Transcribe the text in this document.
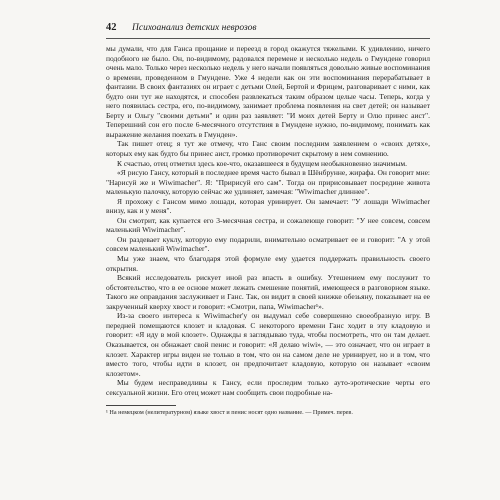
42	Психоанализ детских неврозов

мы думали, что для Ганса прощание и переезд в город окажутся тяжелыми. К удивлению, ничего подобного не было. Он, по-видимому, радовался перемене и несколько недель о Гмундене говорил очень мало. Только через несколько недель у него начали появляться довольно живые воспоминания о времени, проведенном в Гмундене. Уже 4 недели как он эти воспоминания перерабатывает в фантазии. В своих фантазиях он играет с детьми Олей, Бертой и Фрицем, разговаривает с ними, как будто они тут же находятся, и способен развлекаться таким образом целые часы. Теперь, когда у него появилась сестра, его, по-видимому, занимает проблема появления на свет детей; он называет Берту и Ольгу "своими детьми" и один раз заявляет: "И моих детей Берту и Олю принес аист". Теперешний сон его после 6-месячного отсутствия в Гмундене нужно, по-видимому, понимать как выражение желания поехать в Гмунден».

Так пишет отец; я тут же отмечу, что Ганс своим последним заявлением о «своих детях», которых ему как будто бы принес аист, громко противоречит скрытому в нем сомнению.

К счастью, отец отметил здесь кое-что, оказавшееся в будущем необыкновенно значимым.

«Я рисую Гансу, который в последнее время часто бывал в Шёнбрунне, жирафа. Он говорит мне: "Нарисуй же и Wiwimacher". Я: "Пририсуй его сам". Тогда он пририсовывает посредине живота маленькую палочку, которую сейчас же удлиняет, замечая: "Wiwimacher длиннее".

Я прохожу с Гансом мимо лошади, которая уринирует. Он замечает: "У лошади Wiwimacher внизу, как и у меня".

Он смотрит, как купается его 3-месячная сестра, и сожалеюще говорит: "У нее совсем, совсем маленький Wiwimacher".

Он раздевает куклу, которую ему подарили, внимательно осматривает ее и говорит: "А у этой совсем маленький Wiwimacher".

Мы уже знаем, что благодаря этой формуле ему удается поддержать правильность своего открытия.

Всякий исследователь рискует иной раз впасть в ошибку. Утешением ему послужит то обстоятельство, что в ее основе может лежать смешение понятий, имеющееся в разговорном языке. Такого же оправдания заслуживает и Ганс. Так, он видит в своей книжке обезьяну, показывает на ее закрученный кверху хвост и говорит: «Смотри, папа, Wiwimacher¹».

Из-за своего интереса к Wiwimacher'у он выдумал себе совершенно своеобразную игру. В передней помещаются клозет и кладовая. С некоторого времени Ганс ходит в эту кладовую и говорит: «Я иду в мой клозет». Однажды я заглядываю туда, чтобы посмотреть, что он там делает. Оказывается, он обнажает свой пенис и говорит: «Я делаю wiwi», — это означает, что он играет в клозет. Характер игры виден не только в том, что он на самом деле не уринирует, но и в том, что вместо того, чтобы идти в клозет, он предпочитает кладовую, которую он называет «своим клозетом».

Мы будем несправедливы к Гансу, если проследим только ауто-эротические черты его сексуальной жизни. Его отец может нам сообщить свои подробные на-

¹ На немецком (нелитературном) языке хвост и пенис носят одно название. — Примеч. перев.
